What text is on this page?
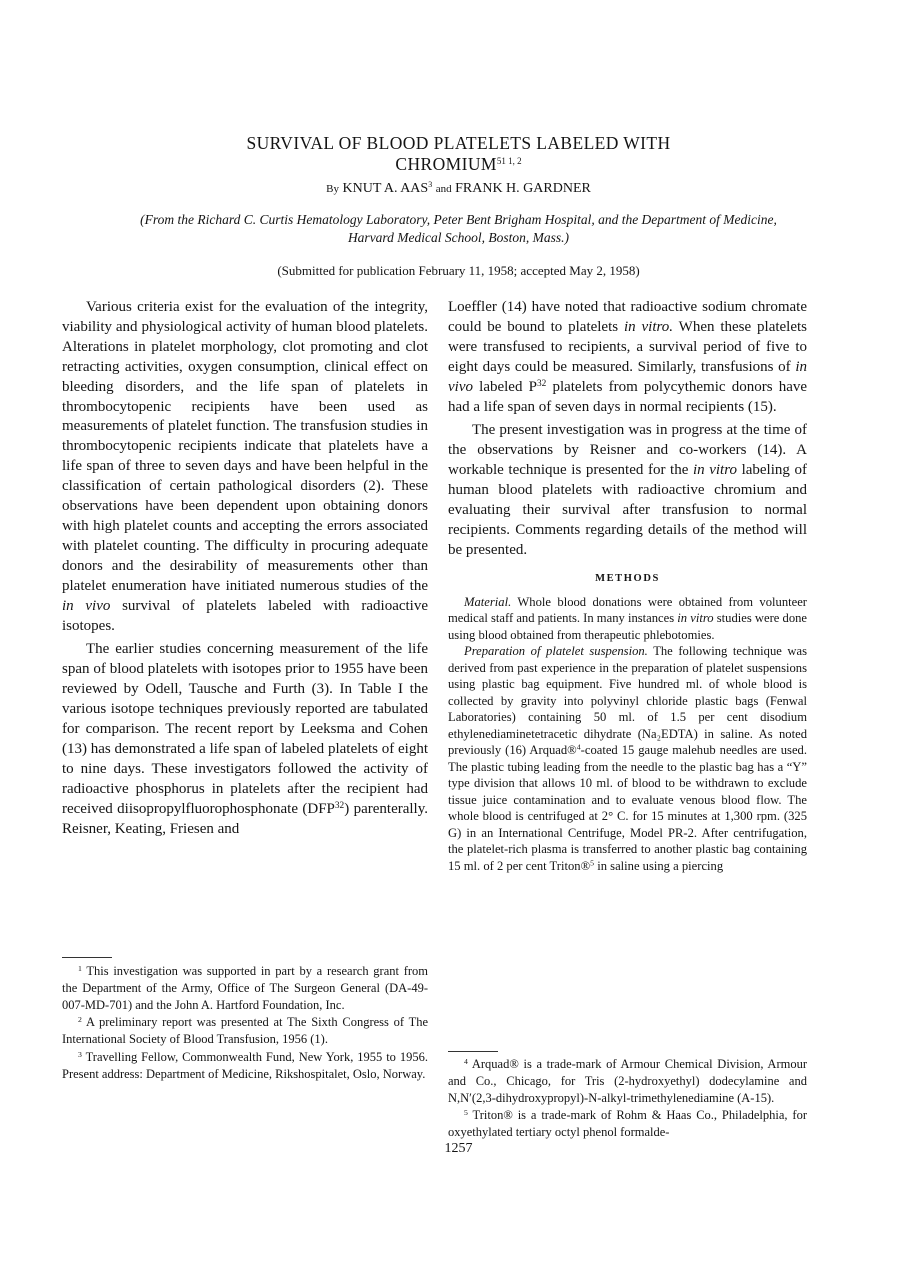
SURVIVAL OF BLOOD PLATELETS LABELED WITH
$CHROMIUM^{51 1, 2}$
By KNUT A. AAS$^3$ and FRANK H. GARDNER
(From the Richard C. Curtis Hematology Laboratory, Peter Bent Brigham Hospital, and the Department of Medicine, Harvard Medical School, Boston, Mass.)
(Submitted for publication February 11, 1958; accepted May 2, 1958)

Various criteria exist for the evaluation of the integrity, viability and physiological activity of human blood platelets. Alterations in platelet morphology, clot promoting and clot retracting activities, oxygen consumption, clinical effect on bleeding disorders, and the life span of platelets in thrombocytopenic recipients have been used as measurements of platelet function. The transfusion studies in thrombocytopenic recipients indicate that platelets have a life span of three to seven days and have been helpful in the classification of certain pathological disorders (2). These observations have been dependent upon obtaining donors with high platelet counts and accepting the errors associated with platelet counting. The difficulty in procuring adequate donors and the desirability of measurements other than platelet enumeration have initiated numerous studies of the in vivo survival of platelets labeled with radioactive isotopes.

The earlier studies concerning measurement of the life span of blood platelets with isotopes prior to 1955 have been reviewed by Odell, Tausche and Furth (3). In Table I the various isotope techniques previously reported are tabulated for comparison. The recent report by Leeksma and Cohen (13) has demonstrated a life span of labeled platelets of eight to nine days. These investigators followed the activity of radioactive phosphorus in platelets after the recipient had received diisopropylfluorophosphonate (DFP$^{32}$) parenterally. Reisner, Keating, Friesen and

$^1$ This investigation was supported in part by a research grant from the Department of the Army, Office of The Surgeon General (DA-49-007-MD-701) and the John A. Hartford Foundation, Inc.

$^2$ A preliminary report was presented at The Sixth Congress of The International Society of Blood Transfusion, 1956 (1).

$^3$ Travelling Fellow, Commonwealth Fund, New York, 1955 to 1956. Present address: Department of Medicine, Rikshospitalet, Oslo, Norway.

Loeffler (14) have noted that radioactive sodium chromate could be bound to platelets in vitro. When these platelets were transfused to recipients, a survival period of five to eight days could be measured. Similarly, transfusions of in vivo labeled $P^{32}$ platelets from polycythemic donors have had a life span of seven days in normal recipients (15).

The present investigation was in progress at the time of the observations by Reisner and co-workers (14). A workable technique is presented for the in vitro labeling of human blood platelets with radioactive chromium and evaluating their survival after transfusion to normal recipients. Comments regarding details of the method will be presented.

METHODS

Material. Whole blood donations were obtained from volunteer medical staff and patients. In many instances in vitro studies were done using blood obtained from therapeutic phlebotomies.

Preparation of platelet suspension. The following technique was derived from past experience in the preparation of platelet suspensions using plastic bag equipment. Five hundred ml. of whole blood is collected by gravity into polyvinyl chloride plastic bags (Fenwal Laboratories) containing 50 ml. of 1.5 per cent disodium ethylenediaminetetracetic dihydrate (Na₂EDTA) in saline. As noted previously (16) Arquad®$^4$-coated 15 gauge malehub needles are used. The plastic tubing leading from the needle to the plastic bag has a “Y” type division that allows 10 ml. of blood to be withdrawn to exclude tissue juice contamination and to evaluate venous blood flow. The whole blood is centrifuged at 2° C. for 15 minutes at 1,300 rpm. (325 G) in an International Centrifuge, Model PR-2. After centrifugation, the platelet-rich plasma is transferred to another plastic bag containing 15 ml. of 2 per cent Triton®$^5$ in saline using a piercing

$^4$ Arquad® is a trade-mark of Armour Chemical Division, Armour and Co., Chicago, for Tris (2-hydroxyethyl) dodecylamine and N,N′(2,3-dihydroxypropyl)-N-alkyl-trimethylenediamine (A-15).

$^5$ Triton® is a trade-mark of Rohm & Haas Co., Philadelphia, for oxyethylated tertiary octyl phenol formalde-

1257
